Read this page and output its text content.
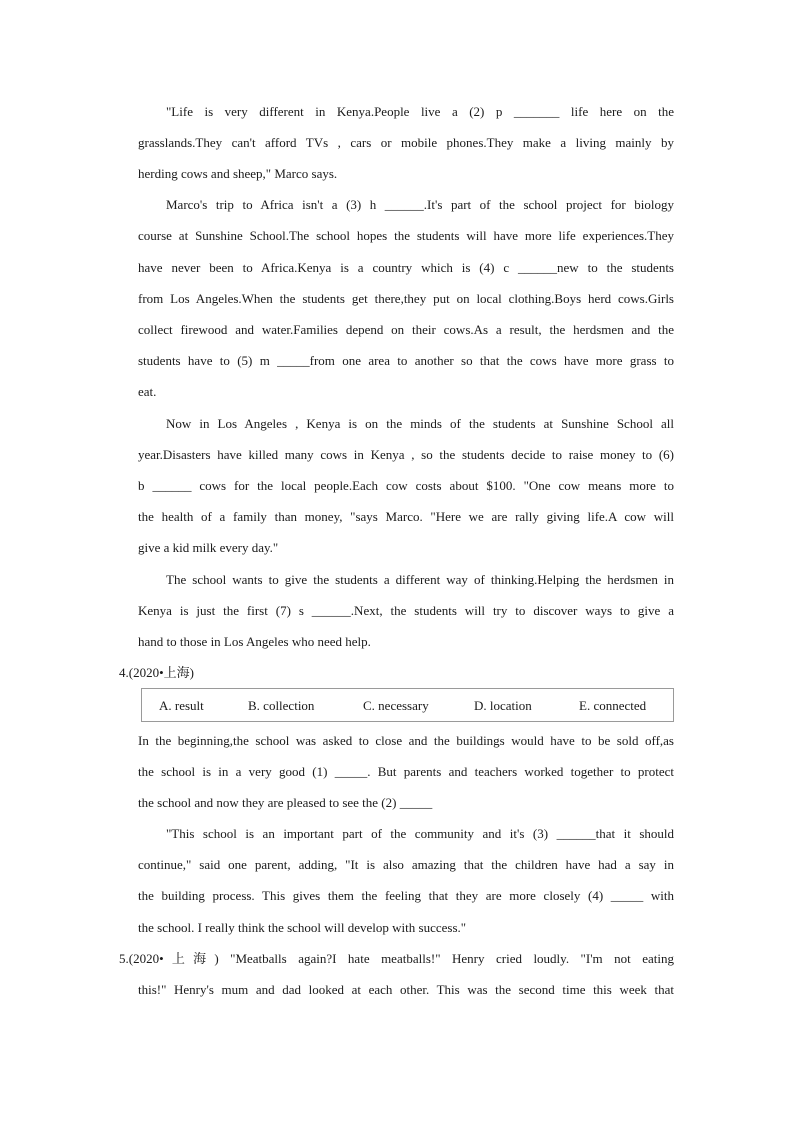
"Life is very different in Kenya.People live a (2) p _______ life here on the
grasslands.They can't afford TVs , cars or mobile phones.They make a living mainly by
herding cows and sheep," Marco says.
Marco's trip to Africa isn't a (3) h ______.It's part of the school project for biology
course at Sunshine School.The school hopes the students will have more life experiences.They
have never been to Africa.Kenya is a country which is (4) c ______new to the students
from Los Angeles.When the students get there,they put on local clothing.Boys herd cows.Girls
collect firewood and water.Families depend on their cows.As a result, the herdsmen and the
students have to (5) m _____from one area to another so that the cows have more grass to
eat.
Now in Los Angeles , Kenya is on the minds of the students at Sunshine School all
year.Disasters have killed many cows in Kenya , so the students decide to raise money to (6)
b ______ cows for the local people.Each cow costs about $100. "One cow means more to
the health of a family than money, "says Marco. "Here we are rally giving life.A cow will
give a kid milk every day."
The school wants to give the students a different way of thinking.Helping the herdsmen in
Kenya is just the first (7) s ______.Next, the students will try to discover ways to give a
hand to those in Los Angeles who need help.
4.(2020•上海)
A. result	B. collection	C. necessary	D. location	E. connected
In the beginning,the school was asked to close and the buildings would have to be sold off,as
the school is in a very good (1) _____. But parents and teachers worked together to protect
the school and now they are pleased to see the (2) _____
"This school is an important part of the community and it's (3) ______that it should
continue," said one parent, adding, "It is also amazing that the children have had a say in
the building process. This gives them the feeling that they are more closely (4) _____ with
the school. I really think the school will develop with success."
5.(2020•上海) "Meatballs again?I hate meatballs!" Henry cried loudly. "I'm not eating
this!" Henry's mum and dad looked at each other. This was the second time this week that
